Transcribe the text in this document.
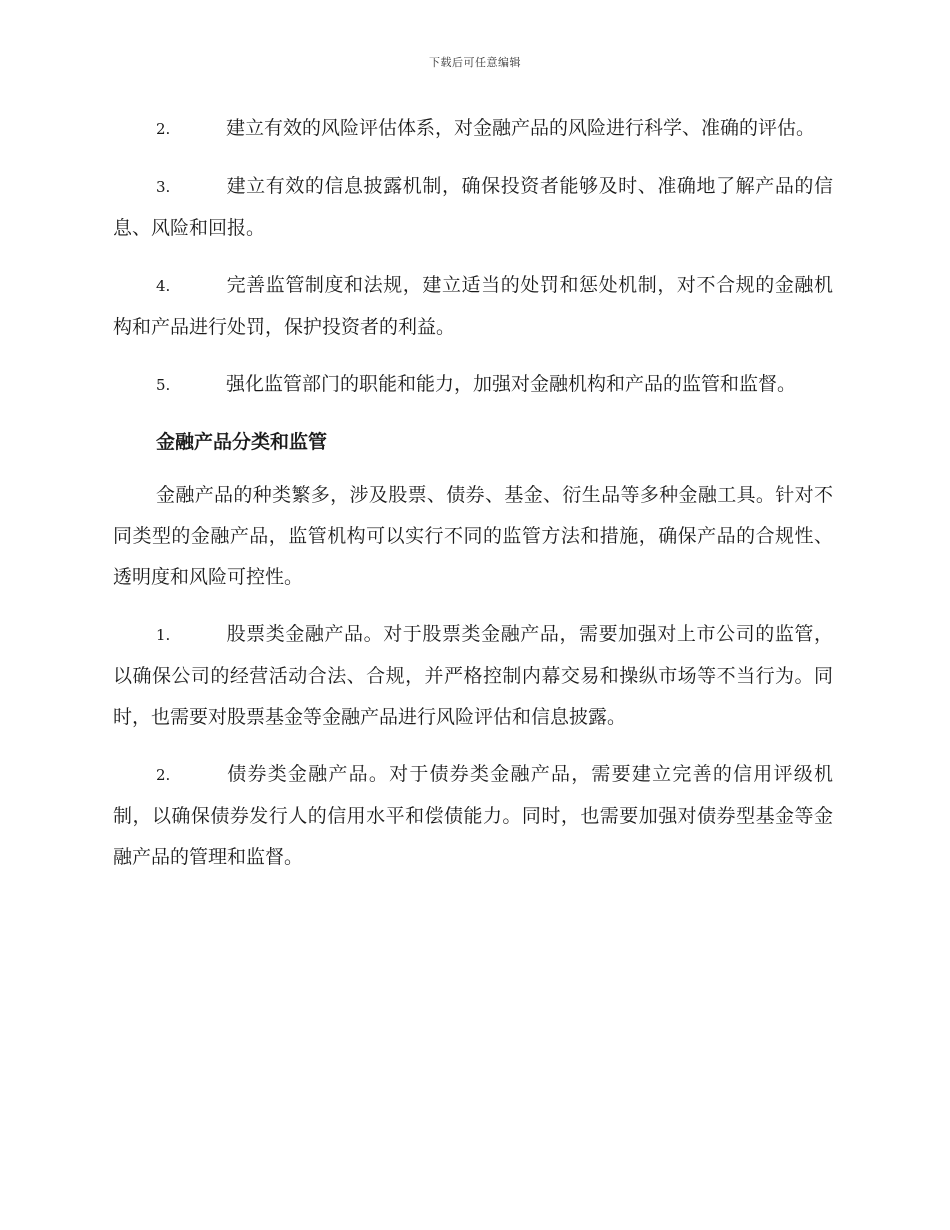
下载后可任意编辑

2.	建立有效的风险评估体系，对金融产品的风险进行科学、准确的评估。

3.	建立有效的信息披露机制，确保投资者能够及时、准确地了解产品的信息、风险和回报。

4.	完善监管制度和法规，建立适当的处罚和惩处机制，对不合规的金融机构和产品进行处罚，保护投资者的利益。

5.	强化监管部门的职能和能力，加强对金融机构和产品的监管和监督。

金融产品分类和监管

金融产品的种类繁多，涉及股票、债券、基金、衍生品等多种金融工具。针对不同类型的金融产品，监管机构可以实行不同的监管方法和措施，确保产品的合规性、透明度和风险可控性。

1.	股票类金融产品。对于股票类金融产品，需要加强对上市公司的监管，以确保公司的经营活动合法、合规，并严格控制内幕交易和操纵市场等不当行为。同时，也需要对股票基金等金融产品进行风险评估和信息披露。

2.	债券类金融产品。对于债券类金融产品，需要建立完善的信用评级机制，以确保债券发行人的信用水平和偿债能力。同时，也需要加强对债券型基金等金融产品的管理和监督。
